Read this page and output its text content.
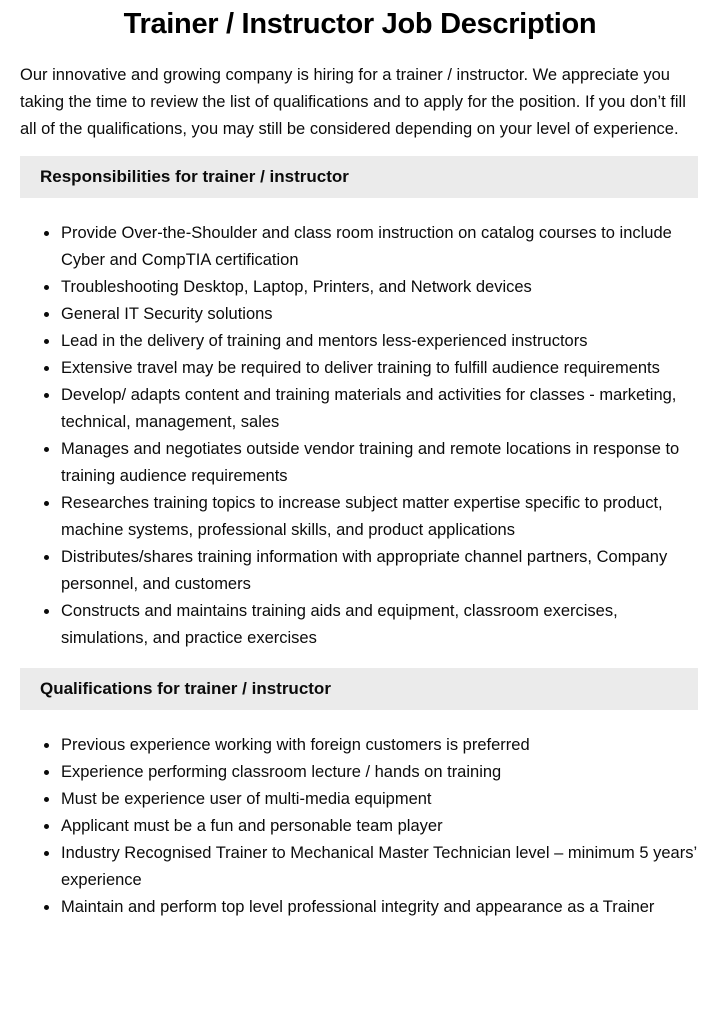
Trainer / Instructor Job Description

Our innovative and growing company is hiring for a trainer / instructor. We appreciate you taking the time to review the list of qualifications and to apply for the position. If you don’t fill all of the qualifications, you may still be considered depending on your level of experience.

Responsibilities for trainer / instructor
Provide Over-the-Shoulder and class room instruction on catalog courses to include Cyber and CompTIA certification
Troubleshooting Desktop, Laptop, Printers, and Network devices
General IT Security solutions
Lead in the delivery of training and mentors less-experienced instructors
Extensive travel may be required to deliver training to fulfill audience requirements
Develop/ adapts content and training materials and activities for classes - marketing, technical, management, sales
Manages and negotiates outside vendor training and remote locations in response to training audience requirements
Researches training topics to increase subject matter expertise specific to product, machine systems, professional skills, and product applications
Distributes/shares training information with appropriate channel partners, Company personnel, and customers
Constructs and maintains training aids and equipment, classroom exercises, simulations, and practice exercises
Qualifications for trainer / instructor
Previous experience working with foreign customers is preferred
Experience performing classroom lecture / hands on training
Must be experience user of multi-media equipment
Applicant must be a fun and personable team player
Industry Recognised Trainer to Mechanical Master Technician level – minimum 5 years’ experience
Maintain and perform top level professional integrity and appearance as a Trainer
